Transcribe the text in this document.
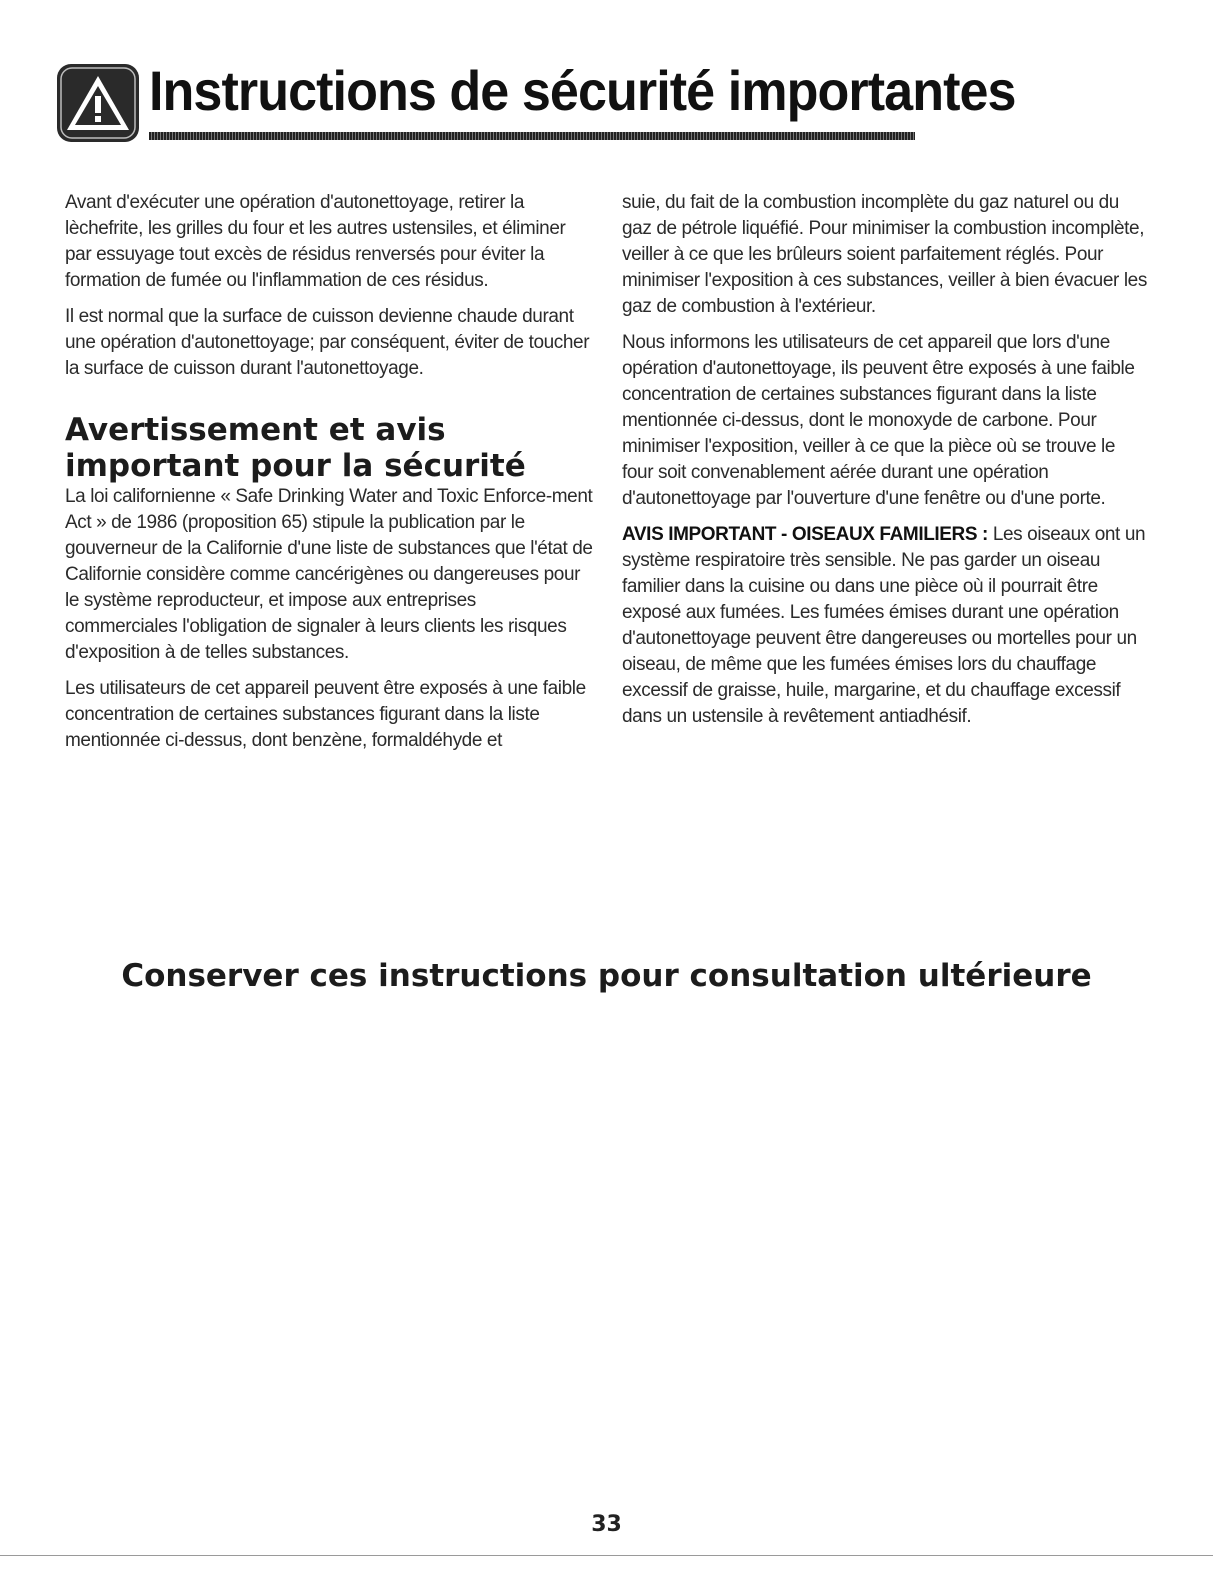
Instructions de sécurité importantes

Avant d'exécuter une opération d'autonettoyage, retirer la lèchefrite, les grilles du four et les autres ustensiles, et éliminer par essuyage tout excès de résidus renversés pour éviter la formation de fumée ou l'inflammation de ces résidus.

Il est normal que la surface de cuisson devienne chaude durant une opération d'autonettoyage; par conséquent, éviter de toucher la surface de cuisson durant l'autonettoyage.

Avertissement et avis
important pour la sécurité

La loi californienne « Safe Drinking Water and Toxic Enforce-ment Act » de 1986 (proposition 65) stipule la publication par le gouverneur de la Californie d'une liste de substances que l'état de Californie considère comme cancérigènes ou dangereuses pour le système reproducteur, et impose aux entreprises commerciales l'obligation de signaler à leurs clients les risques d'exposition à de telles substances.

Les utilisateurs de cet appareil peuvent être exposés à une faible concentration de certaines substances figurant dans la liste mentionnée ci-dessus, dont benzène, formaldéhyde et

suie, du fait de la combustion incomplète du gaz naturel ou du gaz de pétrole liquéfié. Pour minimiser la combustion incomplète, veiller à ce que les brûleurs soient parfaitement réglés. Pour minimiser l'exposition à ces substances, veiller à bien évacuer les gaz de combustion à l'extérieur.

Nous informons les utilisateurs de cet appareil que lors d'une opération d'autonettoyage, ils peuvent être exposés à une faible concentration de certaines substances figurant dans la liste mentionnée ci-dessus, dont le monoxyde de carbone. Pour minimiser l'exposition, veiller à ce que la pièce où se trouve le four soit convenablement aérée durant une opération d'autonettoyage par l'ouverture d'une fenêtre ou d'une porte.

AVIS IMPORTANT - OISEAUX FAMILIERS : Les oiseaux ont un système respiratoire très sensible. Ne pas garder un oiseau familier dans la cuisine ou dans une pièce où il pourrait être exposé aux fumées. Les fumées émises durant une opération d'autonettoyage peuvent être dangereuses ou mortelles pour un oiseau, de même que les fumées émises lors du chauffage excessif de graisse, huile, margarine, et du chauffage excessif dans un ustensile à revêtement antiadhésif.

Conserver ces instructions pour consultation ultérieure
33
